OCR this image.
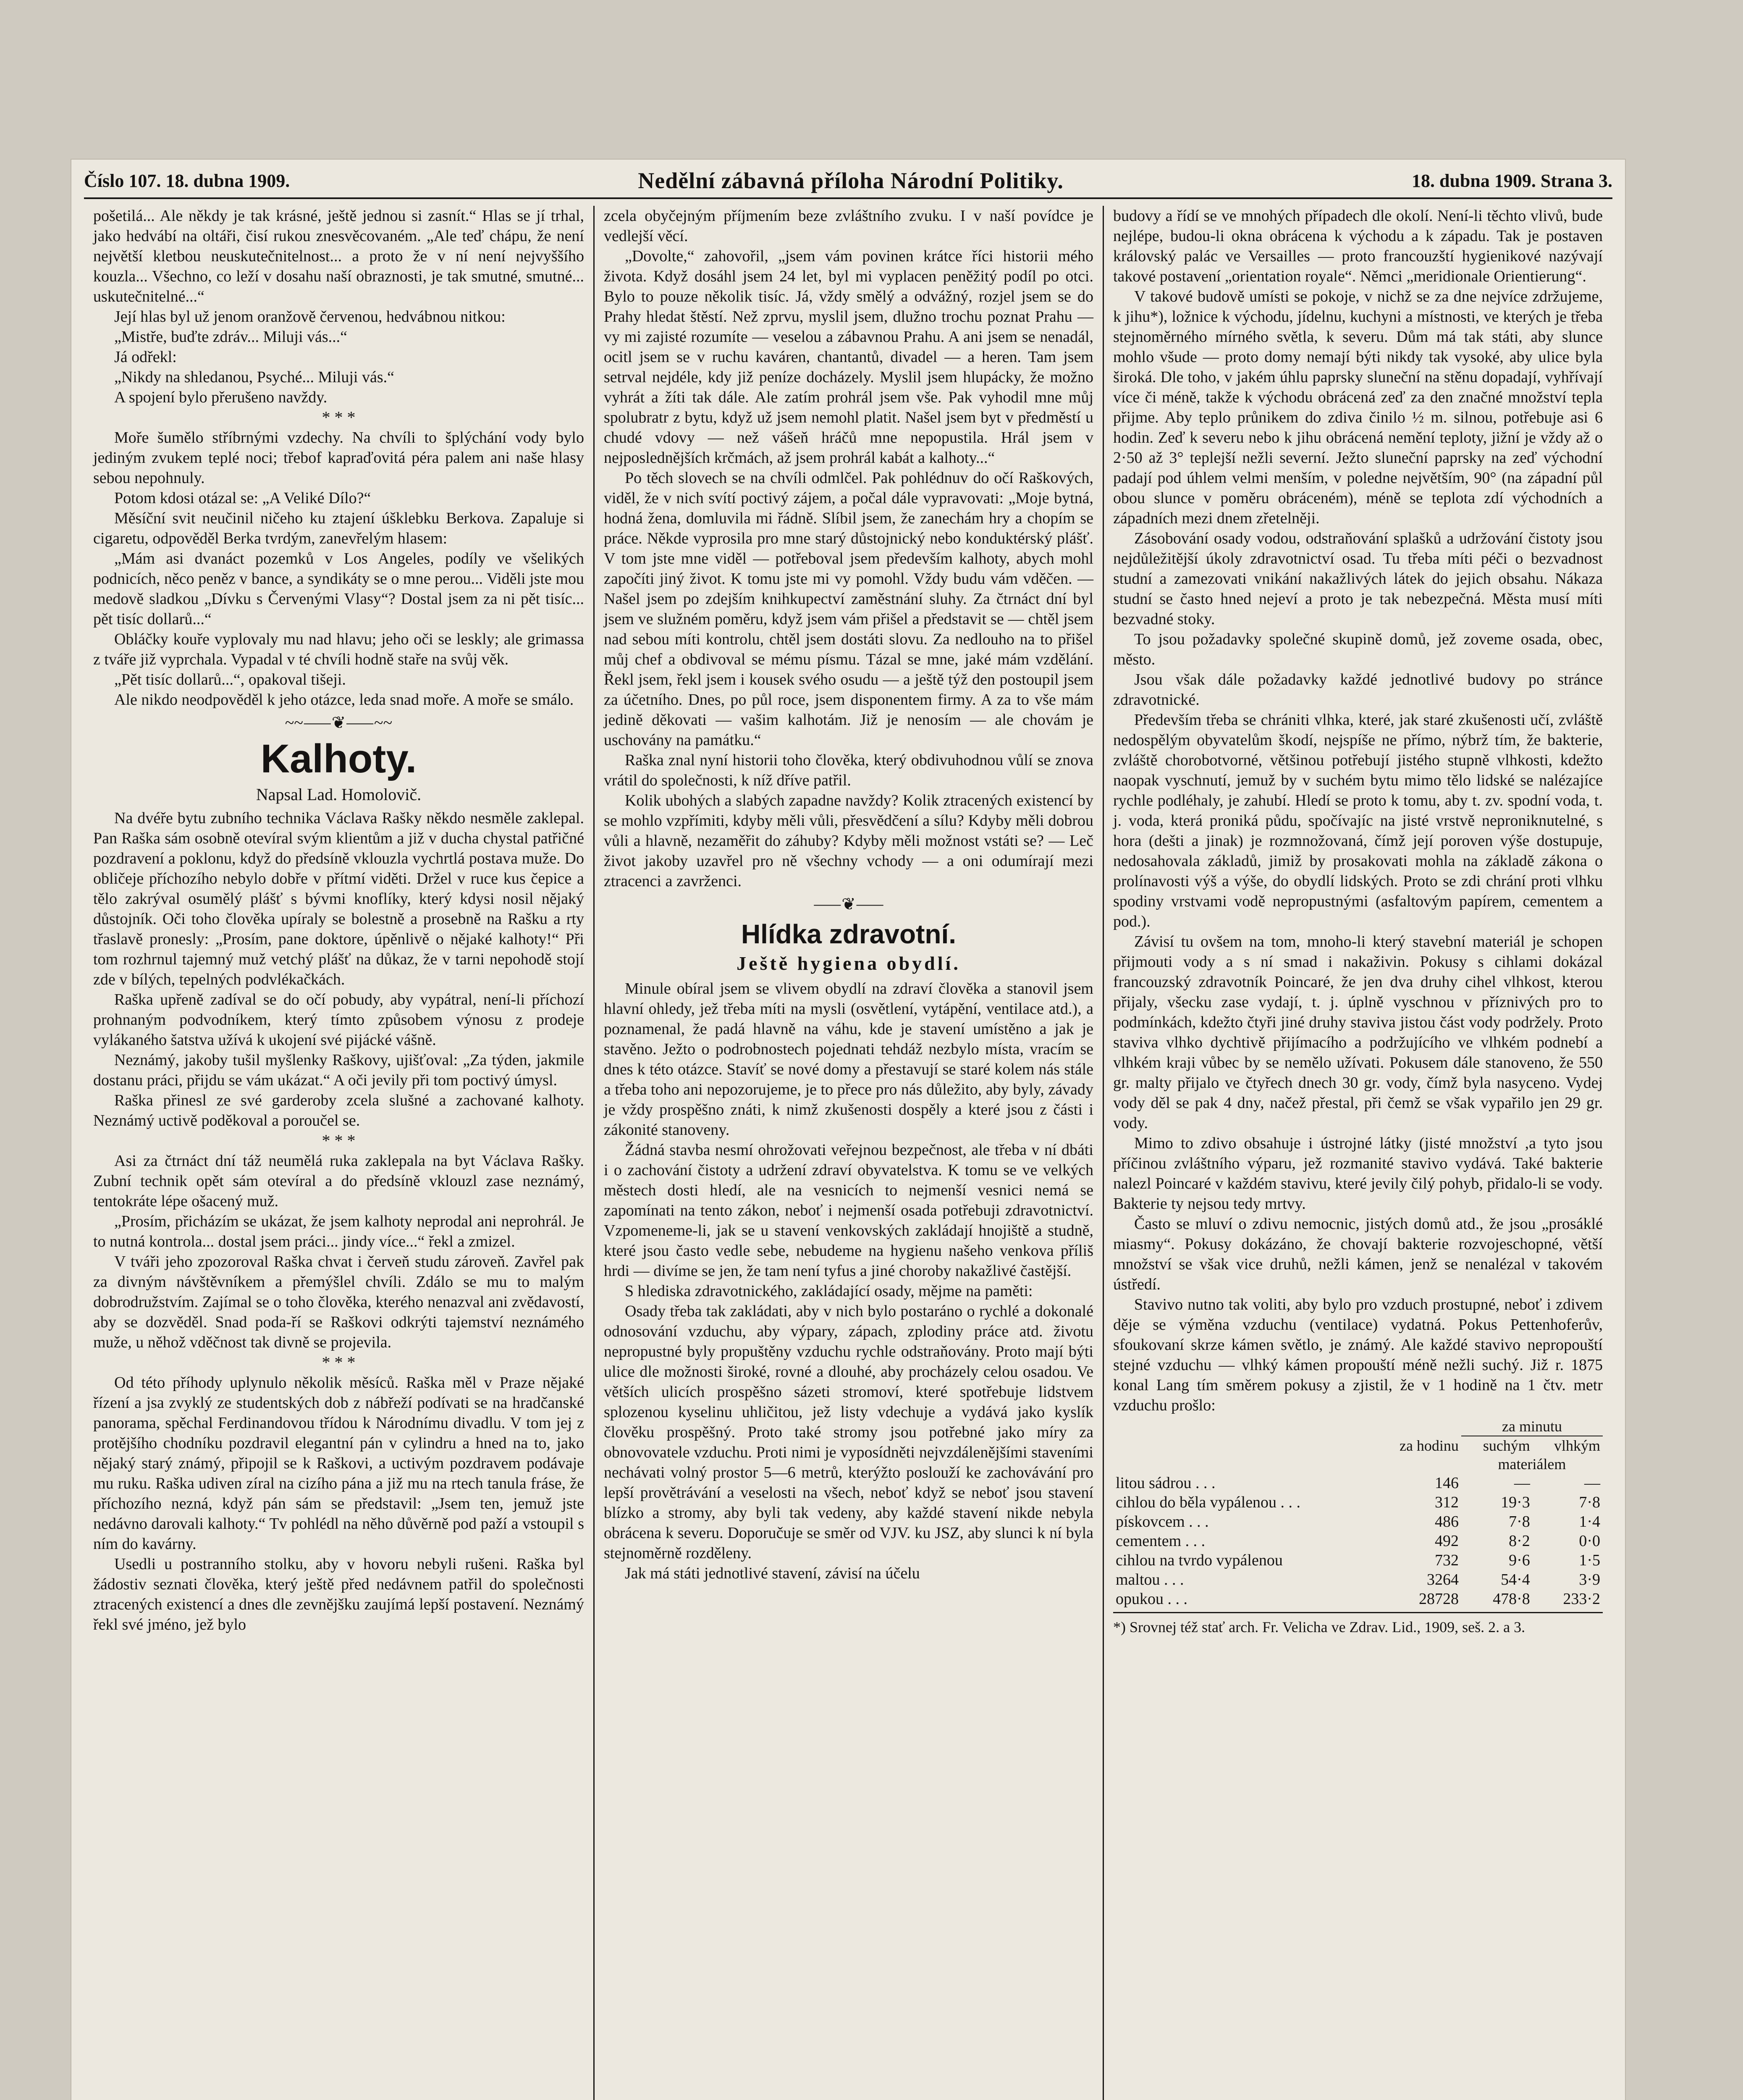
Číslo 107. 18. dubna 1909.	Nedělní zábavná příloha Národní Politiky.	18. dubna 1909. Strana 3.

pošetilá... Ale někdy je tak krásné, ještě jednou si zasnít.“ Hlas se jí trhal, jako hedvábí na oltáři, čisí rukou znesvěcovaném. „Ale teď chápu, že není největší kletbou neuskutečnitelnost... a proto že v ní není nejvyššího kouzla... Všechno, co leží v dosahu naší obraznosti, je tak smutné, smutné... uskutečnitelné...“

Její hlas byl už jenom oranžově červenou, hedvábnou nitkou:

„Mistře, buďte zdráv... Miluji vás...“

Já odřekl:

„Nikdy na shledanou, Psyché... Miluji vás.“

A spojení bylo přerušeno navždy.

* * *

Moře šumělo stříbrnými vzdechy. Na chvíli to šplýchání vody bylo jediným zvukem teplé noci; třebof kapraďovitá péra palem ani naše hlasy sebou nepohnuly.

Potom kdosi otázal se: „A Veliké Dílo?“

Měsíční svit neučinil ničeho ku ztajení úšklebku Berkova. Zapaluje si cigaretu, odpověděl Berka tvrdým, zanevřelým hlasem:

„Mám asi dvanáct pozemků v Los Angeles, podíly ve všelikých podnicích, něco peněz v bance, a syndikáty se o mne perou... Viděli jste mou medově sladkou „Dívku s Červenými Vlasy“? Dostal jsem za ni pět tisíc... pět tisíc dollarů...“

Obláčky kouře vyplovaly mu nad hlavu; jeho oči se leskly; ale grimassa z tváře již vyprchala. Vypadal v té chvíli hodně staře na svůj věk.

„Pět tisíc dollarů...“, opakoval tišeji.

Ale nikdo neodpověděl k jeho otázce, leda snad moře. A moře se smálo.

~~⸺❦⸺~~
Kalhoty.
Napsal Lad. Homolovič.

Na dvéře bytu zubního technika Václava Rašky někdo nesměle zaklepal. Pan Raška sám osobně otevíral svým klientům a již v ducha chystal patřičné pozdravení a poklonu, když do předsíně vklouzla vychrtlá postava muže. Do obličeje příchozího nebylo dobře v přítmí viděti. Držel v ruce kus čepice a tělo zakrýval osumělý plášť s bývmi knoflíky, který kdysi nosil nějaký důstojník. Oči toho člověka upíraly se bolestně a prosebně na Rašku a rty třaslavě pronesly: „Prosím, pane doktore, úpěnlivě o nějaké kalhoty!“ Při tom rozhrnul tajemný muž vetchý plášť na důkaz, že v tarni nepohodě stojí zde v bílých, tepelných podvlékačkách.

Raška upřeně zadíval se do očí pobudy, aby vypátral, není-li příchozí prohnaným podvodníkem, který tímto způsobem výnosu z prodeje vylákaného šatstva užívá k ukojení své pijácké vášně.

Neznámý, jakoby tušil myšlenky Raškovy, ujišťoval: „Za týden, jakmile dostanu práci, přijdu se vám ukázat.“ A oči jevily při tom poctivý úmysl.

Raška přinesl ze své garderoby zcela slušné a zachované kalhoty. Neznámý uctivě poděkoval a poroučel se.

* * *

Asi za čtrnáct dní táž neumělá ruka zaklepala na byt Václava Rašky. Zubní technik opět sám otevíral a do předsíně vklouzl zase neznámý, tentokráte lépe ošacený muž.

„Prosím, přicházím se ukázat, že jsem kalhoty neprodal ani neprohrál. Je to nutná kontrola... dostal jsem práci... jindy více...“ řekl a zmizel.

V tváři jeho zpozoroval Raška chvat i červeň studu zároveň. Zavřel pak za divným návštěvníkem a přemýšlel chvíli. Zdálo se mu to malým dobrodružstvím. Zajímal se o toho člověka, kterého nenazval ani zvědavostí, aby se dozvěděl. Snad poda-ří se Raškovi odkrýti tajemství neznámého muže, u něhož vděčnost tak divně se projevila.

* * *

Od této příhody uplynulo několik měsíců. Raška měl v Praze nějaké řízení a jsa zvyklý ze studentských dob z nábřeží podívati se na hradčanské panorama, spěchal Ferdinandovou třídou k Národnímu divadlu. V tom jej z protějšího chodníku pozdravil elegantní pán v cylindru a hned na to, jako nějaký starý známý, připojil se k Raškovi, a uctivým pozdravem podávaje mu ruku. Raška udiven zíral na cizího pána a již mu na rtech tanula fráse, že příchozího nezná, když pán sám se představil: „Jsem ten, jemuž jste nedávno darovali kalhoty.“ Tv pohlédl na něho důvěrně pod paží a vstoupil s ním do kavárny.

Usedli u postranního stolku, aby v hovoru nebyli rušeni. Raška byl žádostiv seznati člověka, který ještě před nedávnem patřil do společnosti ztracených existencí a dnes dle zevnějšku zaujímá lepší postavení. Neznámý řekl své jméno, jež bylo

zcela obyčejným příjmením beze zvláštního zvuku. I v naší povídce je vedlejší věcí.

„Dovolte,“ zahovořil, „jsem vám povinen krátce říci historii mého života. Když dosáhl jsem 24 let, byl mi vyplacen peněžitý podíl po otci. Bylo to pouze několik tisíc. Já, vždy smělý a odvážný, rozjel jsem se do Prahy hledat štěstí. Než zprvu, myslil jsem, dlužno trochu poznat Prahu — vy mi zajisté rozumíte — veselou a zábavnou Prahu. A ani jsem se nenadál, ocitl jsem se v ruchu kaváren, chantantů, divadel — a heren. Tam jsem setrval nejdéle, kdy již peníze docházely. Myslil jsem hlupácky, že možno vyhrát a žíti tak dále. Ale zatím prohrál jsem vše. Pak vyhodil mne můj spolubratr z bytu, když už jsem nemohl platit. Našel jsem byt v předměstí u chudé vdovy — než vášeň hráčů mne nepopustila. Hrál jsem v nejposlednějších krčmách, až jsem prohrál kabát a kalhoty...“

Po těch slovech se na chvíli odmlčel. Pak pohlédnuv do očí Raškových, viděl, že v nich svítí poctivý zájem, a počal dále vypravovati: „Moje bytná, hodná žena, domluvila mi řádně. Slíbil jsem, že zanechám hry a chopím se práce. Někde vyprosila pro mne starý důstojnický nebo konduktérský plášť. V tom jste mne viděl — potřeboval jsem především kalhoty, abych mohl započíti jiný život. K tomu jste mi vy pomohl. Vždy budu vám vděčen. — Našel jsem po zdejším knihkupectví zaměstnání sluhy. Za čtrnáct dní byl jsem ve služném poměru, když jsem vám přišel a představit se — chtěl jsem nad sebou míti kontrolu, chtěl jsem dostáti slovu. Za nedlouho na to přišel můj chef a obdivoval se mému písmu. Tázal se mne, jaké mám vzdělání. Řekl jsem, řekl jsem i kousek svého osudu — a ještě týž den postoupil jsem za účetního. Dnes, po půl roce, jsem disponentem firmy. A za to vše mám jedině děkovati — vašim kalhotám. Již je nenosím — ale chovám je uschovány na památku.“

Raška znal nyní historii toho člověka, který obdivuhodnou vůlí se znova vrátil do společnosti, k níž dříve patřil.

Kolik ubohých a slabých zapadne navždy? Kolik ztracených existencí by se mohlo vzpřímiti, kdyby měli vůli, přesvědčení a sílu? Kdyby měli dobrou vůli a hlavně, nezaměřit do záhuby? Kdyby měli možnost vstáti se? — Leč život jakoby uzavřel pro ně všechny vchody — a oni odumírají mezi ztracenci a zavrženci.

⸺❦⸺
Hlídka zdravotní.
Ještě hygiena obydlí.

Minule obíral jsem se vlivem obydlí na zdraví člověka a stanovil jsem hlavní ohledy, jež třeba míti na mysli (osvětlení, vytápění, ventilace atd.), a poznamenal, že padá hlavně na váhu, kde je stavení umístěno a jak je stavěno. Ježto o podrobnostech pojednati tehdáž nezbylo místa, vracím se dnes k této otázce. Stavíť se nové domy a přestavují se staré kolem nás stále a třeba toho ani nepozorujeme, je to přece pro nás důležito, aby byly, závady je vždy prospěšno znáti, k nimž zkušenosti dospěly a které jsou z části i zákonité stanoveny.

Žádná stavba nesmí ohrožovati veřejnou bezpečnost, ale třeba v ní dbáti i o zachování čistoty a udržení zdraví obyvatelstva. K tomu se ve velkých městech dosti hledí, ale na vesnicích to nejmenší vesnici nemá se zapomínati na tento zákon, neboť i nejmenší osada potřebuji zdravotnictví. Vzpomeneme-li, jak se u stavení venkovských zakládají hnojiště a studně, které jsou často vedle sebe, nebudeme na hygienu našeho venkova příliš hrdi — divíme se jen, že tam není tyfus a jiné choroby nakažlivé častější.

S hlediska zdravotnického, zakládající osady, mějme na paměti:

Osady třeba tak zakládati, aby v nich bylo postaráno o rychlé a dokonalé odnosování vzduchu, aby výpary, zápach, zplodiny práce atd. životu nepropustné byly propuštěny vzduchu rychle odstraňovány. Proto mají býti ulice dle možnosti široké, rovné a dlouhé, aby procházely celou osadou. Ve větších ulicích prospěšno sázeti stromoví, které spotřebuje lidstvem splozenou kyselinu uhličitou, jež listy vdechuje a vydává jako kyslík člověku prospěšný. Proto také stromy jsou potřebné jako míry za obnovovatele vzduchu. Proti nimi je vyposídněti nejvzdálenějšími staveními nechávati volný prostor 5—6 metrů, kterýžto poslouží ke zachovávání pro lepší provětrávání a veselosti na všech, neboť když se neboť jsou stavení blízko a stromy, aby byli tak vedeny, aby každé stavení nikde nebyla obrácena k severu. Doporučuje se směr od VJV. ku JSZ, aby slunci k ní byla stejnoměrně rozděleny.

Jak má státi jednotlivé stavení, závisí na účelu

budovy a řídí se ve mnohých případech dle okolí. Není-li těchto vlivů, bude nejlépe, budou-li okna obrácena k východu a k západu. Tak je postaven královský palác ve Versailles — proto francouzští hygienikové nazývají takové postavení „orientation royale“. Němci „meridionale Orientierung“.

V takové budově umísti se pokoje, v nichž se za dne nejvíce zdržujeme, k jihu*), ložnice k východu, jídelnu, kuchyni a místnosti, ve kterých je třeba stejnoměrného mírného světla, k severu. Dům má tak státi, aby slunce mohlo všude — proto domy nemají býti nikdy tak vysoké, aby ulice byla široká. Dle toho, v jakém úhlu paprsky sluneční na stěnu dopadají, vyhřívají více či méně, takže k východu obrácená zeď za den značné množství tepla přijme. Aby teplo průnikem do zdiva činilo ½ m. silnou, potřebuje asi 6 hodin. Zeď k severu nebo k jihu obrácená nemění teploty, jižní je vždy až o 2·50 až 3° teplejší nežli severní. Ježto sluneční paprsky na zeď východní padají pod úhlem velmi menším, v poledne největším, 90° (na západní půl obou slunce v poměru obráceném), méně se teplota zdí východních a západních mezi dnem zřetelněji.

Zásobování osady vodou, odstraňování splašků a udržování čistoty jsou nejdůležitější úkoly zdravotnictví osad. Tu třeba míti péči o bezvadnost studní a zamezovati vnikání nakažlivých látek do jejich obsahu. Nákaza studní se často hned nejeví a proto je tak nebezpečná. Města musí míti bezvadné stoky.

To jsou požadavky společné skupině domů, jež zoveme osada, obec, město.

Jsou však dále požadavky každé jednotlivé budovy po stránce zdravotnické.

Především třeba se chrániti vlhka, které, jak staré zkušenosti učí, zvláště nedospělým obyvatelům škodí, nejspíše ne přímo, nýbrž tím, že bakterie, zvláště chorobotvorné, většinou potřebují jistého stupně vlhkosti, kdežto naopak vyschnutí, jemuž by v suchém bytu mimo tělo lidské se nalézajíce rychle podléhaly, je zahubí. Hledí se proto k tomu, aby t. zv. spodní voda, t. j. voda, která proniká půdu, spočívajíc na jisté vrstvě neproniknutelné, s hora (dešti a jinak) je rozmnožovaná, čímž její poroven výše dostupuje, nedosahovala základů, jimiž by prosakovati mohla na základě zákona o prolínavosti výš a výše, do obydlí lidských. Proto se zdi chrání proti vlhku spodiny vrstvami vodě nepropustnými (asfaltovým papírem, cementem a pod.).

Závisí tu ovšem na tom, mnoho-li který stavební materiál je schopen přijmouti vody a s ní smad i nakaživin. Pokusy s cihlami dokázal francouzský zdravotník Poincaré, že jen dva druhy cihel vlhkost, kterou přijaly, všecku zase vydají, t. j. úplně vyschnou v příznivých pro to podmínkách, kdežto čtyři jiné druhy staviva jistou část vody podržely. Proto staviva vlhko dychtivě přijímacího a podržujícího ve vlhkém podnebí a vlhkém kraji vůbec by se nemělo užívati. Pokusem dále stanoveno, že 550 gr. malty přijalo ve čtyřech dnech 30 gr. vody, čímž byla nasyceno. Vydej vody děl se pak 4 dny, načež přestal, při čemž se však vypařilo jen 29 gr. vody.

Mimo to zdivo obsahuje i ústrojné látky (jisté množství ,a tyto jsou příčinou zvláštního výparu, jež rozmanité stavivo vydává. Také bakterie nalezl Poincaré v každém stavivu, které jevily čilý pohyb, přidalo-li se vody. Bakterie ty nejsou tedy mrtvy.

Často se mluví o zdivu nemocnic, jistých domů atd., že jsou „prosáklé miasmy“. Pokusy dokázáno, že chovají bakterie rozvojeschopné, větší množství se však vice druhů, nežli kámen, jenž se nenalézal v takovém ústředí.

Stavivo nutno tak voliti, aby bylo pro vzduch prostupné, neboť i zdivem děje se výměna vzduchu (ventilace) vydatná. Pokus Pettenhoferův, sfoukovaní skrze kámen světlo, je známý. Ale každé stavivo nepropouští stejné vzduchu — vlhký kámen propouští méně nežli suchý. Již r. 1875 konal Lang tím směrem pokusy a zjistil, že v 1 hodině na 1 čtv. metr vzduchu prošlo:

		za minutu	
	za hodinu	suchým	vlhkým
		materiálem	
litou sádrou . . .	146	—	—
cihlou do běla vypálenou . . .	312	19·3	7·8
pískovcem . . .	486	7·8	1·4
cementem . . .	492	8·2	0·0
cihlou na tvrdo vypálenou	732	9·6	1·5
maltou . . .	3264	54·4	3·9
opukou . . .	28728	478·8	233·2
*) Srovnej též stať arch. Fr. Velicha ve Zdrav. Lid., 1909, seš. 2. a 3.
